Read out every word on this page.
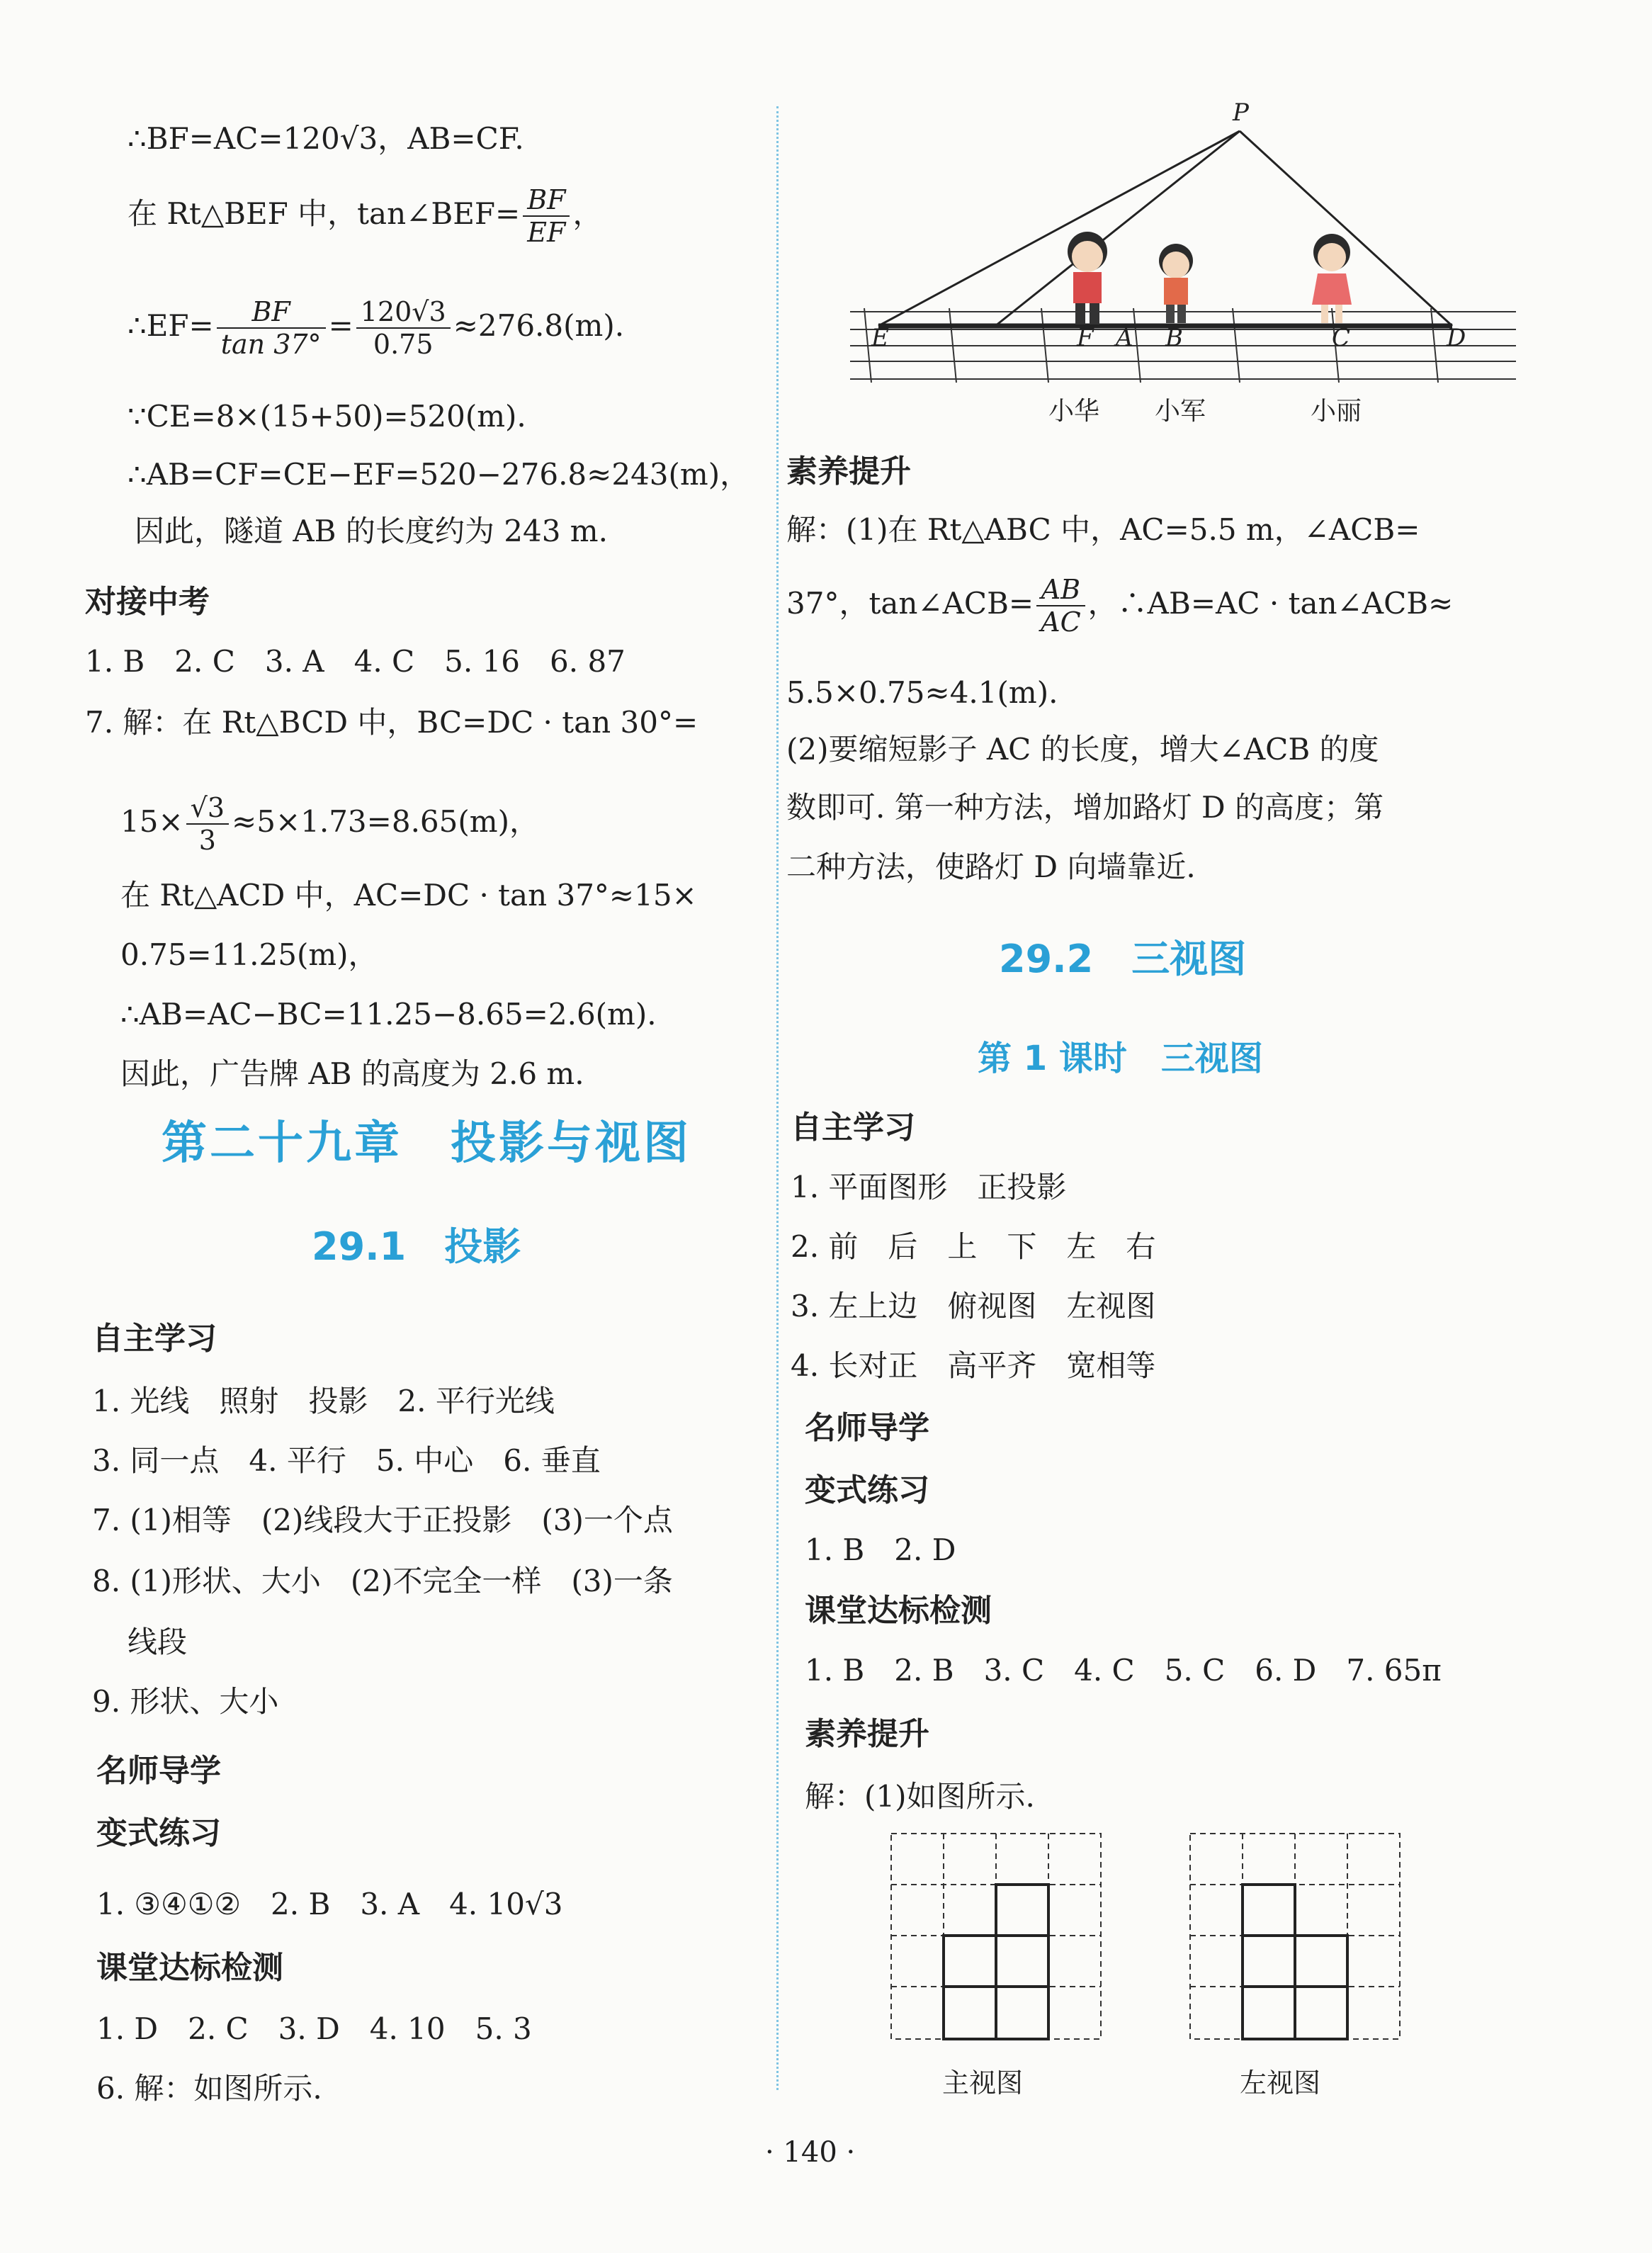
∴BF=AC=120√3，AB=CF.
在 Rt△BEF 中，tan∠BEF= $\frac{BF}{EF}$ ，
∴EF= $\frac{BF}{\tan 37^\circ} = \frac{120√3}{0.75} \approx 276.8(m)$.
∵CE=8×(15+50)=520(m).
∴AB=CF=CE−EF=520−276.8≈243(m)，
因此，隧道 AB 的长度约为 243 m.
对接中考
1. B　2. C　3. A　4. C　5. 16　6. 87
7. 解：在 Rt△BCD 中，BC=DC · tan 30°=
$15\times \frac{√3}{3} \approx 5\times 1.73=8.65(m)$，
在 Rt△ACD 中，AC=DC · tan 37°≈15×
0.75=11.25(m)，
∴AB=AC−BC=11.25−8.65=2.6(m).
因此，广告牌 AB 的高度为 2.6 m.
第二十九章　投影与视图
29.1　投影
自主学习
1. 光线　照射　投影　2. 平行光线
3. 同一点　4. 平行　5. 中心　6. 垂直
7. (1)相等　(2)线段大于正投影　(3)一个点
8. (1)形状、大小　(2)不完全一样　(3)一条
线段
9. 形状、大小
名师导学
变式练习
1. ③④①②　2. B　3. A　4. 10√3
课堂达标检测
1. D　2. C　3. D　4. 10　5. 3
6. 解：如图所示.
P
E	F A B	C	D
小华 小军	小丽
素养提升
解：(1)在 Rt△ABC 中，AC=5.5 m，∠ACB=
37°，tan∠ACB= $\frac{AB}{AC}$ ，∴AB=AC · tan∠ACB≈
5.5×0.75≈4.1(m).
(2)要缩短影子 AC 的长度，增大∠ACB 的度
数即可. 第一种方法，增加路灯 D 的高度；第
二种方法，使路灯 D 向墙靠近.
29.2　三视图
第 1 课时　三视图
自主学习
1. 平面图形　正投影
2. 前　后　上　下　左　右
3. 左上边　俯视图　左视图
4. 长对正　高平齐　宽相等
名师导学
变式练习
1. B　2. D
课堂达标检测
1. B　2. B　3. C　4. C　5. C　6. D　7. 65π
素养提升
解：(1)如图所示.
主视图	左视图
· 140 ·
